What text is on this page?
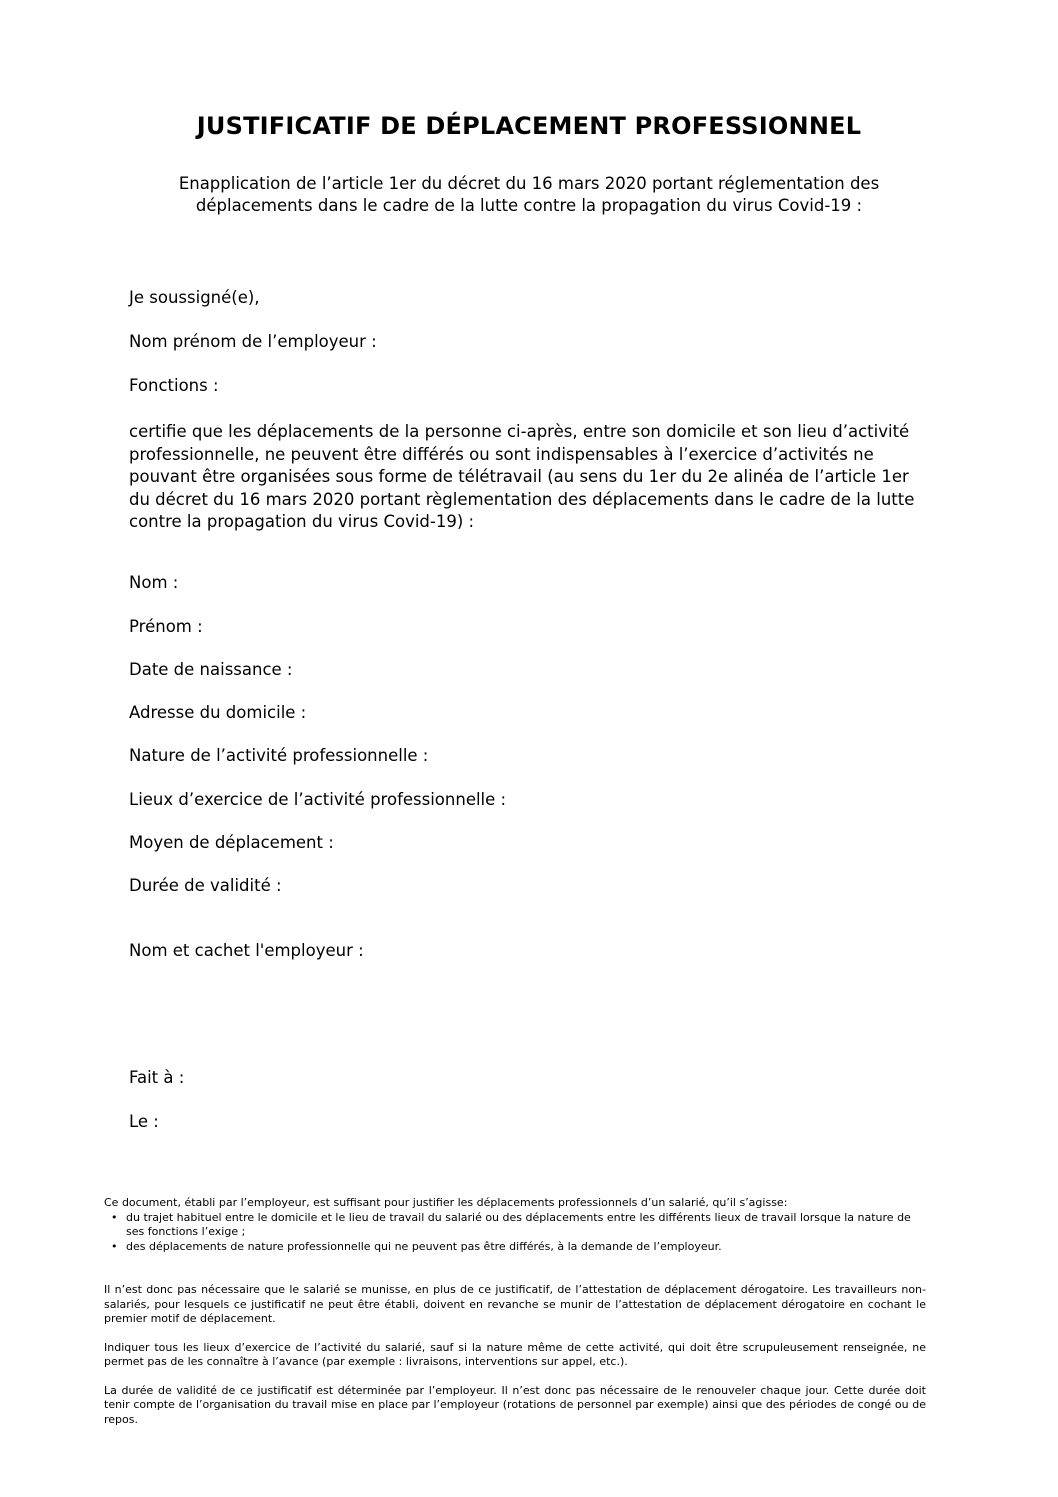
JUSTIFICATIF DE DÉPLACEMENT PROFESSIONNEL

Enapplication de l’article 1er du décret du 16 mars 2020 portant réglementation des déplacements dans le cadre de la lutte contre la propagation du virus Covid-19 :

Je soussigné(e),

Nom prénom de l’employeur :

Fonctions :

certifie que les déplacements de la personne ci-après, entre son domicile et son lieu d’activité professionnelle, ne peuvent être différés ou sont indispensables à l’exercice d’activités ne pouvant être organisées sous forme de télétravail (au sens du 1er du 2e alinéa de l’article 1er du décret du 16 mars 2020 portant règlementation des déplacements dans le cadre de la lutte contre la propagation du virus Covid-19) :

Nom :

Prénom :

Date de naissance :

Adresse du domicile :

Nature de l’activité professionnelle :

Lieux d’exercice de l’activité professionnelle :

Moyen de déplacement :

Durée de validité :

Nom et cachet l'employeur :

Fait à :

Le :

Ce document, établi par l’employeur, est suffisant pour justifier les déplacements professionnels d’un salarié, qu’il s’agisse:

• du trajet habituel entre le domicile et le lieu de travail du salarié ou des déplacements entre les différents lieux de travail lorsque la nature de ses fonctions l’exige ;
• des déplacements de nature professionnelle qui ne peuvent pas être différés, à la demande de l’employeur.

Il n’est donc pas nécessaire que le salarié se munisse, en plus de ce justificatif, de l’attestation de déplacement dérogatoire. Les travailleurs non-salariés, pour lesquels ce justificatif ne peut être établi, doivent en revanche se munir de l’attestation de déplacement dérogatoire en cochant le premier motif de déplacement.

Indiquer tous les lieux d’exercice de l’activité du salarié, sauf si la nature même de cette activité, qui doit être scrupuleusement renseignée, ne permet pas de les connaître à l’avance (par exemple : livraisons, interventions sur appel, etc.).

La durée de validité de ce justificatif est déterminée par l’employeur. Il n’est donc pas nécessaire de le renouveler chaque jour. Cette durée doit tenir compte de l’organisation du travail mise en place par l’employeur (rotations de personnel par exemple) ainsi que des périodes de congé ou de repos.
